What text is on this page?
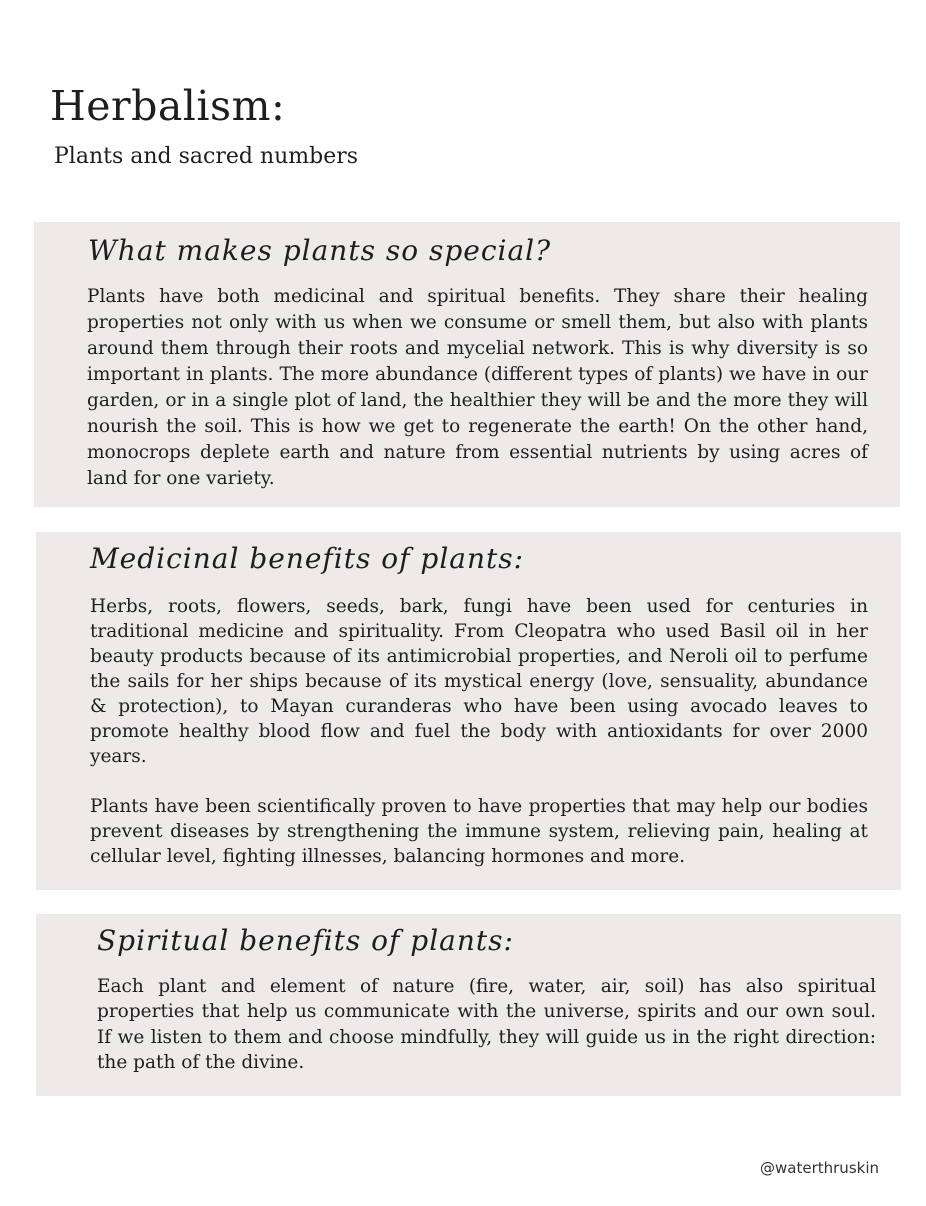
Herbalism:
Plants and sacred numbers
What makes plants so special?

Plants have both medicinal and spiritual benefits. They share their healing properties not only with us when we consume or smell them, but also with plants around them through their roots and mycelial network. This is why diversity is so important in plants. The more abundance (different types of plants) we have in our garden, or in a single plot of land, the healthier they will be and the more they will nourish the soil. This is how we get to regenerate the earth! On the other hand, monocrops deplete earth and nature from essential nutrients by using acres of land for one variety.

Medicinal benefits of plants:

Herbs, roots, flowers, seeds, bark, fungi have been used for centuries in traditional medicine and spirituality. From Cleopatra who used Basil oil in her beauty products because of its antimicrobial properties, and Neroli oil to perfume the sails for her ships because of its mystical energy (love, sensuality, abundance & protection), to Mayan curanderas who have been using avocado leaves to promote healthy blood flow and fuel the body with antioxidants for over 2000 years.

Plants have been scientifically proven to have properties that may help our bodies prevent diseases by strengthening the immune system, relieving pain, healing at cellular level, fighting illnesses, balancing hormones and more.

Spiritual benefits of plants:

Each plant and element of nature (fire, water, air, soil) has also spiritual properties that help us communicate with the universe, spirits and our own soul. If we listen to them and choose mindfully, they will guide us in the right direction: the path of the divine.

@waterthruskin
